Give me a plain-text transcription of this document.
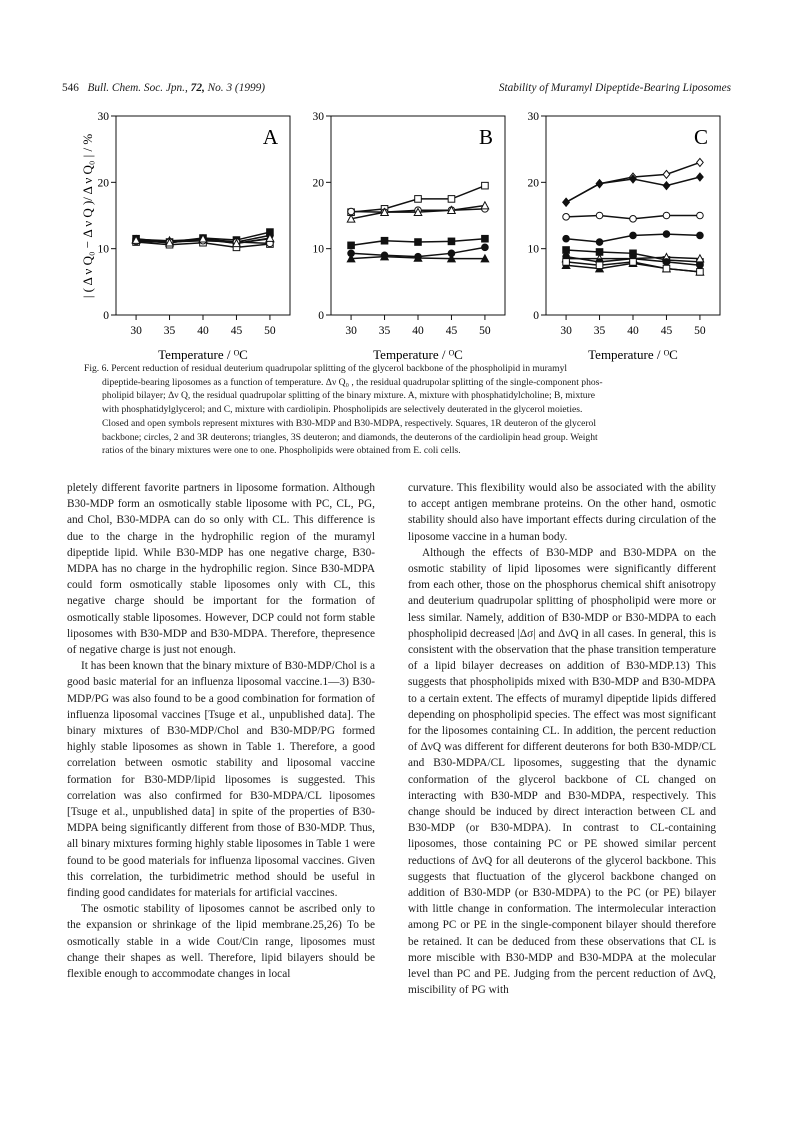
546 Bull. Chem. Soc. Jpn., 72, No. 3 (1999)	Stability of Muramyl Dipeptide-Bearing Liposomes
| ( Δ ν Q₀ − Δ ν Q )/ Δ ν Q₀ | / %
0
10
20
30
30 35 40 45 50
A
Temperature / ᴼC
0
10
20
30
30 35 40 45 50
B
Temperature / ᴼC
0
10
20
30
30 35 40 45 50
C
Temperature / ᴼC
Fig. 6. Percent reduction of residual deuterium quadrupolar splitting of the glycerol backbone of the phospholipid in muramyl
dipeptide-bearing liposomes as a function of temperature. Δν Q₀ , the residual quadrupolar splitting of the single-component phos-
pholipid bilayer; Δν Q, the residual quadrupolar splitting of the binary mixture. A, mixture with phosphatidylcholine; B, mixture
with phosphatidylglycerol; and C, mixture with cardiolipin. Phospholipids are selectively deuterated in the glycerol moieties.
Closed and open symbols represent mixtures with B30-MDP and B30-MDPA, respectively. Squares, 1R deuteron of the glycerol
backbone; circles, 2 and 3R deuterons; triangles, 3S deuteron; and diamonds, the deuterons of the cardiolipin head group. Weight
ratios of the binary mixtures were one to one. Phospholipids were obtained from E. coli cells.

pletely different favorite partners in liposome formation. Although B30-MDP form an osmotically stable liposome with PC, CL, PG, and Chol, B30-MDPA can do so only with CL. This difference is due to the charge in the hydrophilic region of the muramyl dipeptide lipid. While B30-MDP has one negative charge, B30-MDPA has no charge in the hydrophilic region. Since B30-MDPA could form osmotically stable liposomes only with CL, this negative charge should be important for the formation of osmotically stable liposomes. However, DCP could not form stable liposomes with B30-MDP and B30-MDPA. Therefore, thepresence of negative charge is just not enough.

It has been known that the binary mixture of B30-MDP/Chol is a good basic material for an influenza liposomal vaccine.1—3) B30-MDP/PG was also found to be a good combination for formation of influenza liposomal vaccines [Tsuge et al., unpublished data]. The binary mixtures of B30-MDP/Chol and B30-MDP/PG formed highly stable liposomes as shown in Table 1. Therefore, a good correlation between osmotic stability and liposomal vaccine formation for B30-MDP/lipid liposomes is suggested. This correlation was also confirmed for B30-MDPA/CL liposomes [Tsuge et al., unpublished data] in spite of the properties of B30-MDPA being significantly different from those of B30-MDP. Thus, all binary mixtures forming highly stable liposomes in Table 1 were found to be good materials for influenza liposomal vaccines. Given this correlation, the turbidimetric method should be useful in finding good candidates for materials for artificial vaccines.

The osmotic stability of liposomes cannot be ascribed only to the expansion or shrinkage of the lipid membrane.25,26) To be osmotically stable in a wide Cout/Cin range, liposomes must change their shapes as well. Therefore, lipid bilayers should be flexible enough to accommodate changes in local

curvature. This flexibility would also be associated with the ability to accept antigen membrane proteins. On the other hand, osmotic stability should also have important effects during circulation of the liposome vaccine in a human body.

Although the effects of B30-MDP and B30-MDPA on the osmotic stability of lipid liposomes were significantly different from each other, those on the phosphorus chemical shift anisotropy and deuterium quadrupolar splitting of phospholipid were more or less similar. Namely, addition of B30-MDP or B30-MDPA to each phospholipid decreased |Δσ| and ΔνQ in all cases. In general, this is consistent with the observation that the phase transition temperature of a lipid bilayer decreases on addition of B30-MDP.13) This suggests that phospholipids mixed with B30-MDP and B30-MDPA to a certain extent. The effects of muramyl dipeptide lipids differed depending on phospholipid species. The effect was most significant for the liposomes containing CL. In addition, the percent reduction of ΔνQ was different for different deuterons for both B30-MDP/CL and B30-MDPA/CL liposomes, suggesting that the dynamic conformation of the glycerol backbone of CL changed on interacting with B30-MDP and B30-MDPA, respectively. This change should be induced by direct interaction between CL and B30-MDP (or B30-MDPA). In contrast to CL-containing liposomes, those containing PC or PE showed similar percent reductions of ΔνQ for all deuterons of the glycerol backbone. This suggests that fluctuation of the glycerol backbone changed on addition of B30-MDP (or B30-MDPA) to the PC (or PE) bilayer with little change in conformation. The intermolecular interaction among PC or PE in the single-component bilayer should therefore be retained. It can be deduced from these observations that CL is more miscible with B30-MDP and B30-MDPA at the molecular level than PC and PE. Judging from the percent reduction of ΔνQ, miscibility of PG with
